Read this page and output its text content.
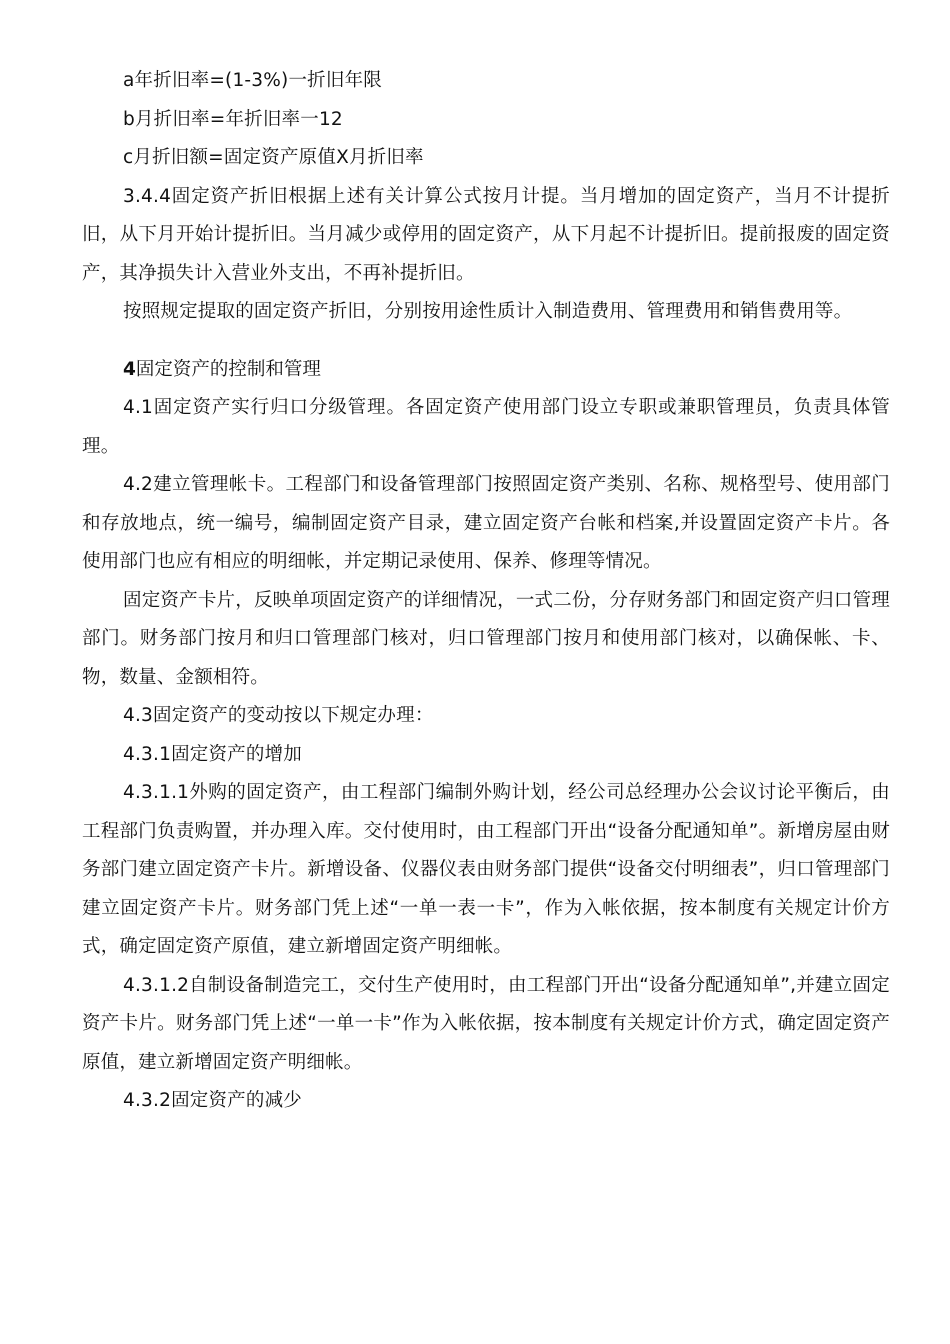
a年折旧率=(1-3%)一折旧年限

b月折旧率=年折旧率一12

c月折旧额=固定资产原值X月折旧率

3.4.4固定资产折旧根据上述有关计算公式按月计提。当月增加的固定资产，当月不计提折旧，从下月开始计提折旧。当月减少或停用的固定资产，从下月起不计提折旧。提前报废的固定资产，其净损失计入营业外支出，不再补提折旧。

按照规定提取的固定资产折旧，分别按用途性质计入制造费用、管理费用和销售费用等。

4固定资产的控制和管理

4.1固定资产实行归口分级管理。各固定资产使用部门设立专职或兼职管理员，负责具体管理。

4.2建立管理帐卡。工程部门和设备管理部门按照固定资产类别、名称、规格型号、使用部门和存放地点，统一编号，编制固定资产目录，建立固定资产台帐和档案,并设置固定资产卡片。各使用部门也应有相应的明细帐，并定期记录使用、保养、修理等情况。

固定资产卡片，反映单项固定资产的详细情况，一式二份，分存财务部门和固定资产归口管理部门。财务部门按月和归口管理部门核对，归口管理部门按月和使用部门核对，以确保帐、卡、物，数量、金额相符。

4.3固定资产的变动按以下规定办理：

4.3.1固定资产的增加

4.3.1.1外购的固定资产，由工程部门编制外购计划，经公司总经理办公会议讨论平衡后，由工程部门负责购置，并办理入库。交付使用时，由工程部门开出“设备分配通知单”。新增房屋由财务部门建立固定资产卡片。新增设备、仪器仪表由财务部门提供“设备交付明细表”，归口管理部门建立固定资产卡片。财务部门凭上述“一单一表一卡”，作为入帐依据，按本制度有关规定计价方式，确定固定资产原值，建立新增固定资产明细帐。

4.3.1.2自制设备制造完工，交付生产使用时，由工程部门开出“设备分配通知单”,并建立固定资产卡片。财务部门凭上述“一单一卡”作为入帐依据，按本制度有关规定计价方式，确定固定资产原值，建立新增固定资产明细帐。

4.3.2固定资产的减少
